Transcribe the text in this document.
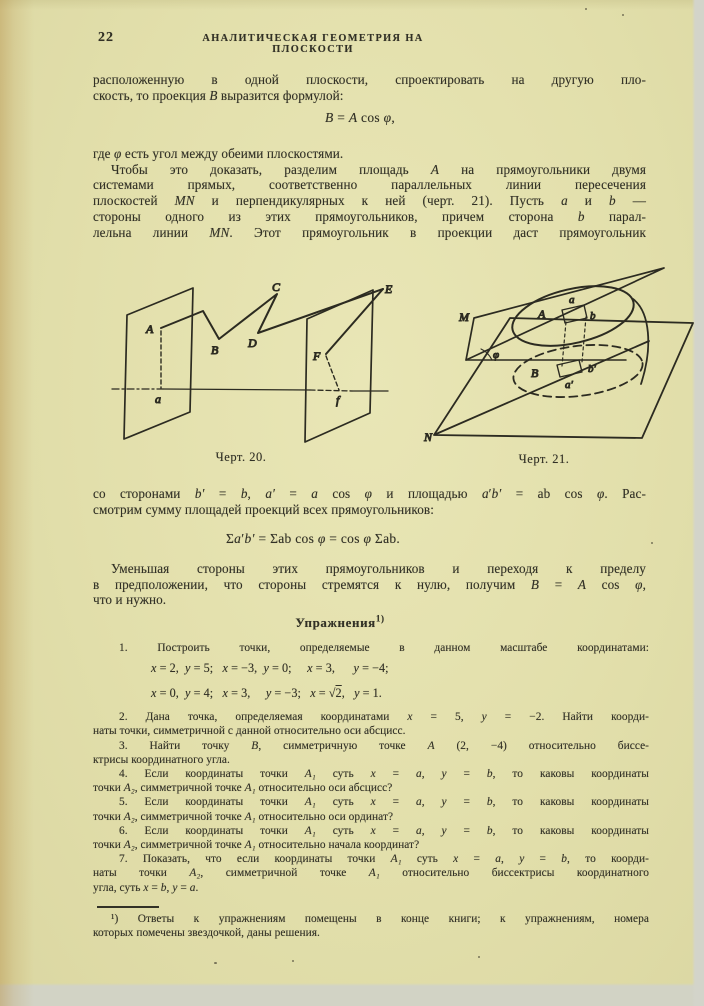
22	АНАЛИТИЧЕСКАЯ ГЕОМЕТРИЯ НА ПЛОСКОСТИ
расположенную в одной плоскости, спроектировать на другую пло-
скость, то проекция B выразится формулой:
B = A cos φ,
где φ есть угол между обеими плоскостями.
Чтобы это доказать, разделим площадь A на прямоугольники двумя
системами прямых, соответственно параллельных линии пересечения
плоскостей MN и перпендикулярных к ней (черт. 21). Пусть a и b —
стороны одного из этих прямоугольников, причем сторона b парал-
лельна линии MN. Этот прямоугольник в проекции даст прямоугольник
A
B
C
D
E
F
a	f
M
N
A
B
a
b
a′
b′
φ
Черт. 20.	Черт. 21.
со сторонами b′ = b, a′ = a cos φ и площадью a′b′ = ab cos φ. Рас-
смотрим сумму площадей проекций всех прямоугольников:
Σa′b′ = Σab cos φ = cos φ Σab.
Уменьшая стороны этих прямоугольников и переходя к пределу
в предположении, что стороны стремятся к нулю, получим B = A cos φ,
что и нужно.
Упражнения$^{1)}$
1. Построить точки, определяемые в данном масштабе координатами:
x = 2,  y = 5;   x = −3,  y = 0;     x = 3,      y = −4;
x = 0,  y = 4;   x = 3,     y = −3;   x = √2,   y = 1.
2. Дана точка, определяемая координатами x = 5, y = −2. Найти коорди-
наты точки, симметричной с данной относительно оси абсцисс.
3. Найти точку B, симметричную точке A (2, −4) относительно биссе-
ктрисы координатного угла.
4. Если координаты точки A₁ суть x = a, y = b, то каковы координаты
точки A₂, симметричной точке A₁ относительно оси абсцисс?
5. Если координаты точки A₁ суть x = a, y = b, то каковы координаты
точки A₂, симметричной точке A₁ относительно оси ординат?
6. Если координаты точки A₁ суть x = a, y = b, то каковы координаты
точки A₂, симметричной точке A₁ относительно начала координат?
7. Показать, что если координаты точки A₁ суть x = a, y = b, то коорди-
наты точки A₂, симметричной точке A₁ относительно биссектрисы координатного
угла, суть x = b, y = a.
¹) Ответы к упражнениям помещены в конце книги; к упражнениям, номера
которых помечены звездочкой, даны решения.
